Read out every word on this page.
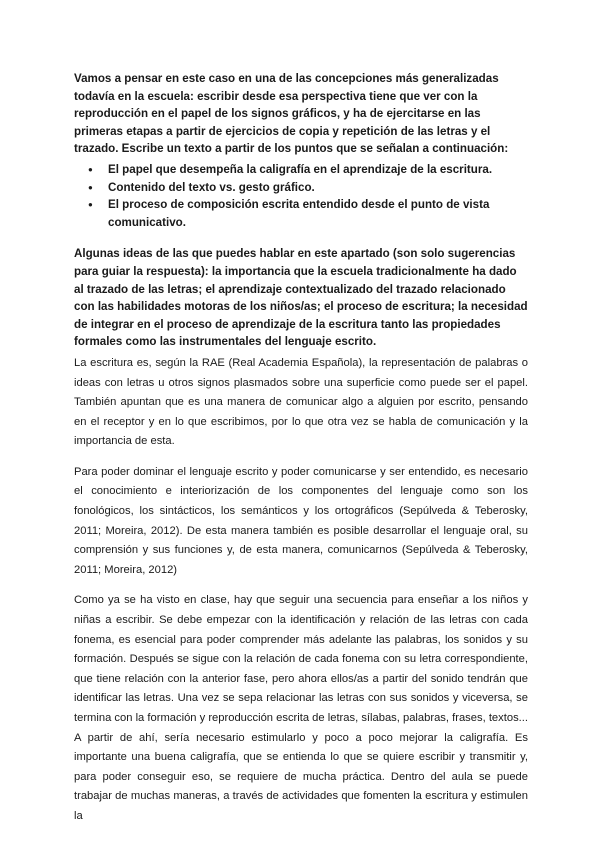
Vamos a pensar en este caso en una de las concepciones más generalizadas todavía en la escuela: escribir desde esa perspectiva tiene que ver con la reproducción en el papel de los signos gráficos, y ha de ejercitarse en las primeras etapas a partir de ejercicios de copia y repetición de las letras y el trazado. Escribe un texto a partir de los puntos que se señalan a continuación:

● El papel que desempeña la caligrafía en el aprendizaje de la escritura.
● Contenido del texto vs. gesto gráfico.
● El proceso de composición escrita entendido desde el punto de vista comunicativo.

Algunas ideas de las que puedes hablar en este apartado (son solo sugerencias para guiar la respuesta): la importancia que la escuela tradicionalmente ha dado al trazado de las letras; el aprendizaje contextualizado del trazado relacionado con las habilidades motoras de los niños/as; el proceso de escritura; la necesidad de integrar en el proceso de aprendizaje de la escritura tanto las propiedades formales como las instrumentales del lenguaje escrito.

La escritura es, según la RAE (Real Academia Española), la representación de palabras o ideas con letras u otros signos plasmados sobre una superficie como puede ser el papel. También apuntan que es una manera de comunicar algo a alguien por escrito, pensando en el receptor y en lo que escribimos, por lo que otra vez se habla de comunicación y la importancia de esta.

Para poder dominar el lenguaje escrito y poder comunicarse y ser entendido, es necesario el conocimiento e interiorización de los componentes del lenguaje como son los fonológicos, los sintácticos, los semánticos y los ortográficos (Sepúlveda & Teberosky, 2011; Moreira, 2012). De esta manera también es posible desarrollar el lenguaje oral, su comprensión y sus funciones y, de esta manera, comunicarnos (Sepúlveda & Teberosky, 2011; Moreira, 2012)

Como ya se ha visto en clase, hay que seguir una secuencia para enseñar a los niños y niñas a escribir. Se debe empezar con la identificación y relación de las letras con cada fonema, es esencial para poder comprender más adelante las palabras, los sonidos y su formación. Después se sigue con la relación de cada fonema con su letra correspondiente, que tiene relación con la anterior fase, pero ahora ellos/as a partir del sonido tendrán que identificar las letras. Una vez se sepa relacionar las letras con sus sonidos y viceversa, se termina con la formación y reproducción escrita de letras, sílabas, palabras, frases, textos... A partir de ahí, sería necesario estimularlo y poco a poco mejorar la caligrafía. Es importante una buena caligrafía, que se entienda lo que se quiere escribir y transmitir y, para poder conseguir eso, se requiere de mucha práctica. Dentro del aula se puede trabajar de muchas maneras, a través de actividades que fomenten la escritura y estimulen la
